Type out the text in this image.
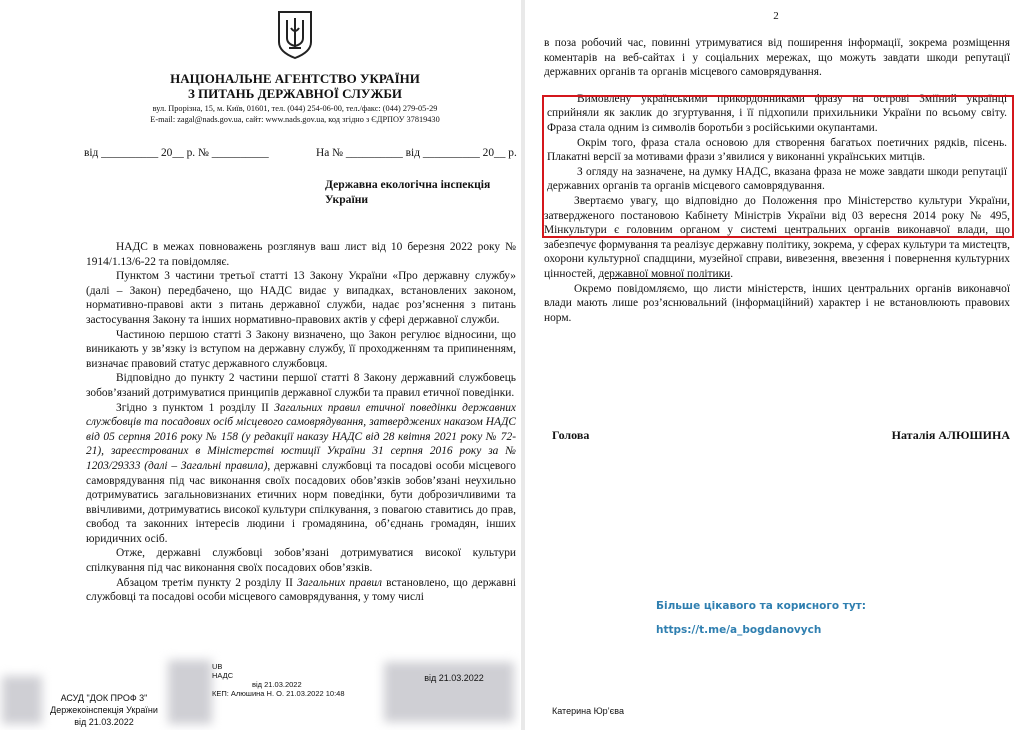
НАЦІОНАЛЬНЕ АГЕНТСТВО УКРАЇНИ
З ПИТАНЬ ДЕРЖАВНОЇ СЛУЖБИ
вул. Прорізна, 15, м. Київ, 01601, тел. (044) 254-06-00, тел./факс: (044) 279-05-29
E-mail: zagal@nads.gov.ua, сайт: www.nads.gov.ua, код згідно з ЄДРПОУ 37819430
від __________ 20__ р. № __________	На № __________ від __________ 20__ р.
Державна екологічна інспекція України

НАДС в межах повноважень розглянув ваш лист від 10 березня 2022 року № 1914/1.13/6-22 та повідомляє.

Пунктом 3 частини третьої статті 13 Закону України «Про державну службу» (далі – Закон) передбачено, що НАДС видає у випадках, встановлених законом, нормативно-правові акти з питань державної служби, надає роз’яснення з питань застосування Закону та інших нормативно-правових актів у сфері державної служби.

Частиною першою статті 3 Закону визначено, що Закон регулює відносини, що виникають у зв’язку із вступом на державну службу, її проходженням та припиненням, визначає правовий статус державного службовця.

Відповідно до пункту 2 частини першої статті 8 Закону державний службовець зобов’язаний дотримуватися принципів державної служби та правил етичної поведінки.

Згідно з пунктом 1 розділу II Загальних правил етичної поведінки державних службовців та посадових осіб місцевого самоврядування, затверджених наказом НАДС від 05 серпня 2016 року № 158 (у редакції наказу НАДС від 28 квітня 2021 року № 72-21), зареєстрованих в Міністерстві юстиції України 31 серпня 2016 року за № 1203/29333 (далі – Загальні правила), державні службовці та посадові особи місцевого самоврядування під час виконання своїх посадових обов’язків зобов’язані неухильно дотримуватись загальновизнаних етичних норм поведінки, бути доброзичливими та ввічливими, дотримуватись високої культури спілкування, з повагою ставитись до прав, свобод та законних інтересів людини і громадянина, об’єднань громадян, інших юридичних осіб.

Отже, державні службовці зобов’язані дотримуватися високої культури спілкування під час виконання своїх посадових обов’язків.

Абзацом третім пункту 2 розділу II Загальних правил встановлено, що державні службовці та посадові особи місцевого самоврядування, у тому числі

АСУД "ДОК ПРОФ 3"
Держекоінспекція України
від 21.03.2022
UB
НАДС
від 21.03.2022
КЕП: Алюшина Н. О. 21.03.2022 10:48
від 21.03.2022
2

в поза робочий час, повинні утримуватися від поширення інформації, зокрема розміщення коментарів на веб-сайтах і у соціальних мережах, що можуть завдати шкоди репутації державних органів та органів місцевого самоврядування.

Вимовлену українськими прикордонниками фразу на острові Зміїний українці сприйняли як заклик до згуртування, і її підхопили прихильники України по всьому світу. Фраза стала одним із символів боротьби з російськими окупантами.

Окрім того, фраза стала основою для створення багатьох поетичних рядків, пісень. Плакатні версії за мотивами фрази з’явилися у виконанні українських митців.

З огляду на зазначене, на думку НАДС, вказана фраза не може завдати шкоди репутації державних органів та органів місцевого самоврядування.

Звертаємо увагу, що відповідно до Положення про Міністерство культури України, затвердженого постановою Кабінету Міністрів України від 03 вересня 2014 року № 495, Мінкультури є головним органом у системі центральних органів виконавчої влади, що забезпечує формування та реалізує державну політику, зокрема, у сферах культури та мистецтв, охорони культурної спадщини, музейної справи, вивезення, ввезення і повернення культурних цінностей, державної мовної політики.

Окремо повідомляємо, що листи міністерств, інших центральних органів виконавчої влади мають лише роз’яснювальний (інформаційний) характер і не встановлюють правових норм.

Голова	Наталія АЛЮШИНА
Більше цікавого та корисного тут:
https://t.me/a_bogdanovych
Катерина Юр’єва
